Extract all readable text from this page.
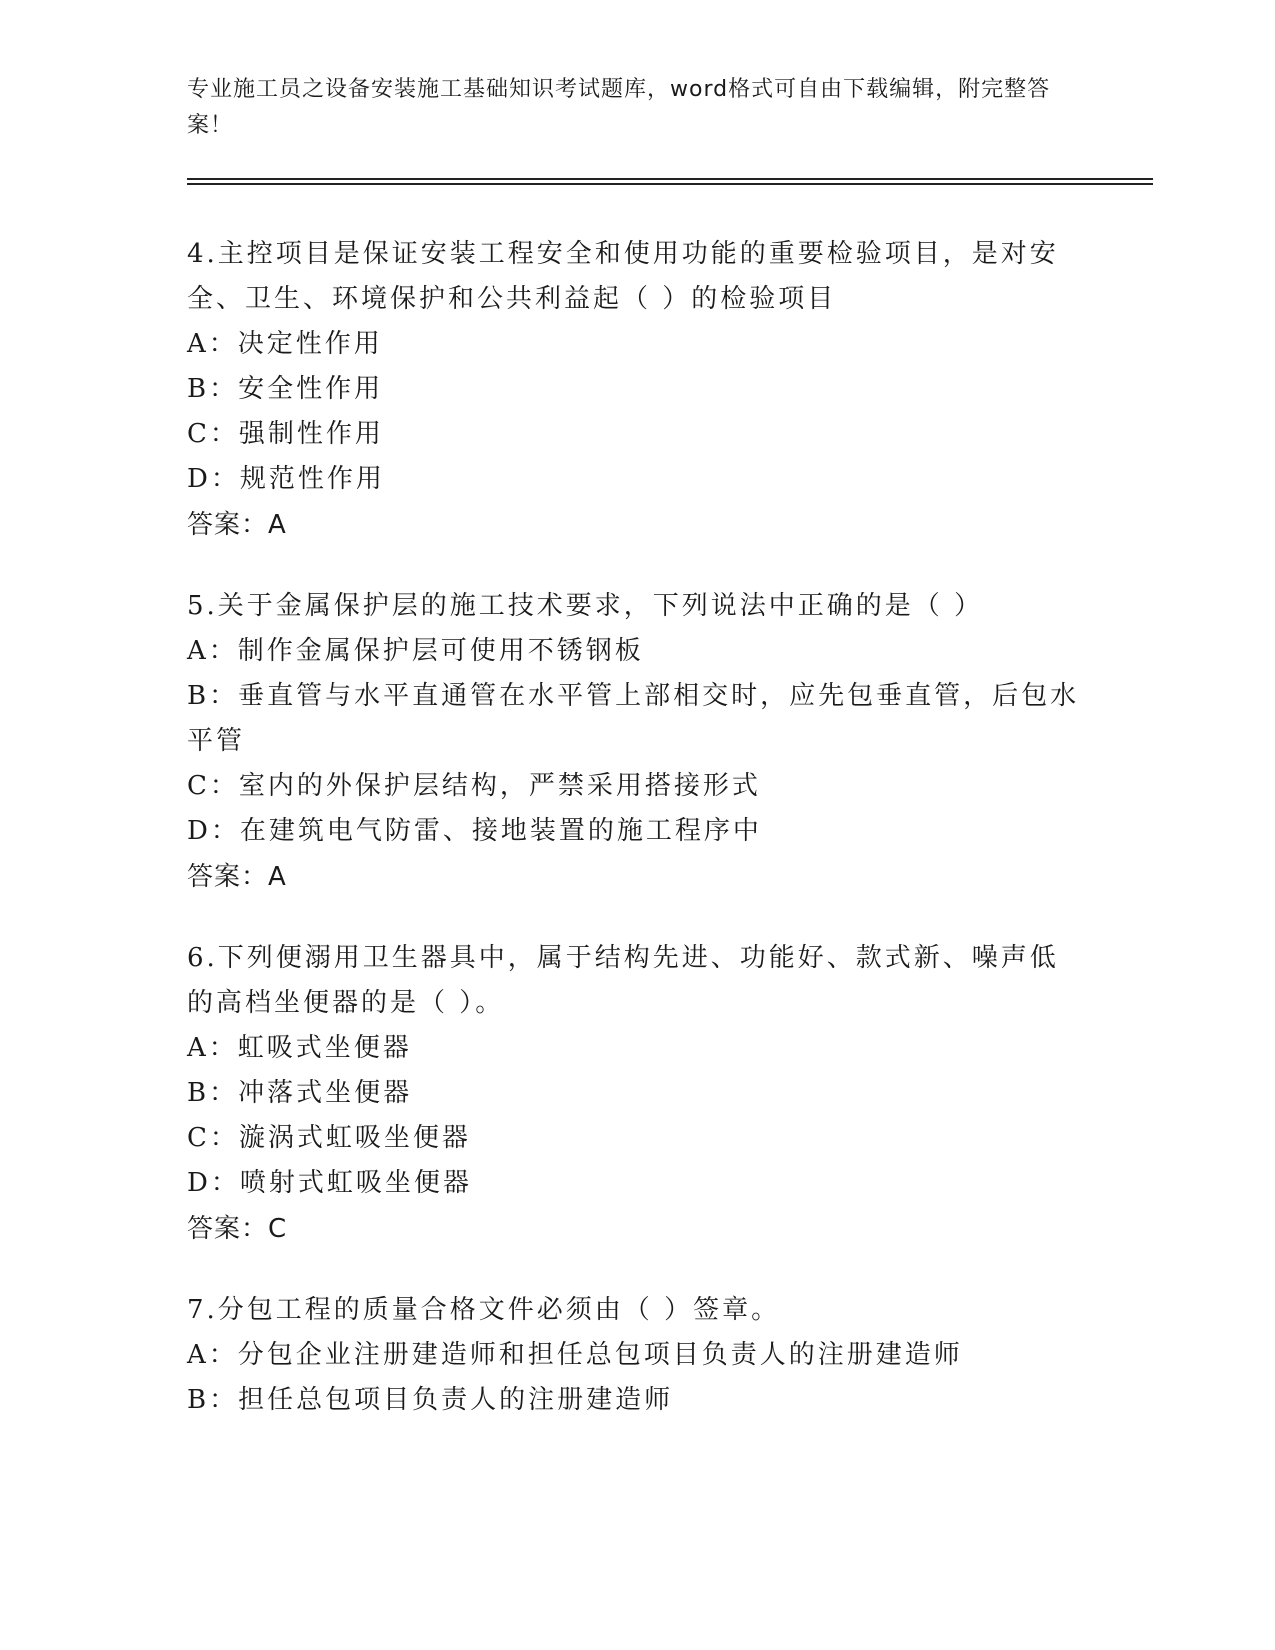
专业施工员之设备安装施工基础知识考试题库，word格式可自由下载编辑，附完整答案！
4.主控项目是保证安装工程安全和使用功能的重要检验项目，是对安全、卫生、环境保护和公共利益起（ ）的检验项目
A：决定性作用
B：安全性作用
C：强制性作用
D：规范性作用
答案：A
5.关于金属保护层的施工技术要求，下列说法中正确的是（ ）
A：制作金属保护层可使用不锈钢板
B：垂直管与水平直通管在水平管上部相交时，应先包垂直管，后包水平管
C：室内的外保护层结构，严禁采用搭接形式
D：在建筑电气防雷、接地装置的施工程序中
答案：A
6.下列便溺用卫生器具中，属于结构先进、功能好、款式新、噪声低的高档坐便器的是（ ）。
A：虹吸式坐便器
B：冲落式坐便器
C：漩涡式虹吸坐便器
D：喷射式虹吸坐便器
答案：C
7.分包工程的质量合格文件必须由（ ）签章。
A：分包企业注册建造师和担任总包项目负责人的注册建造师
B：担任总包项目负责人的注册建造师
